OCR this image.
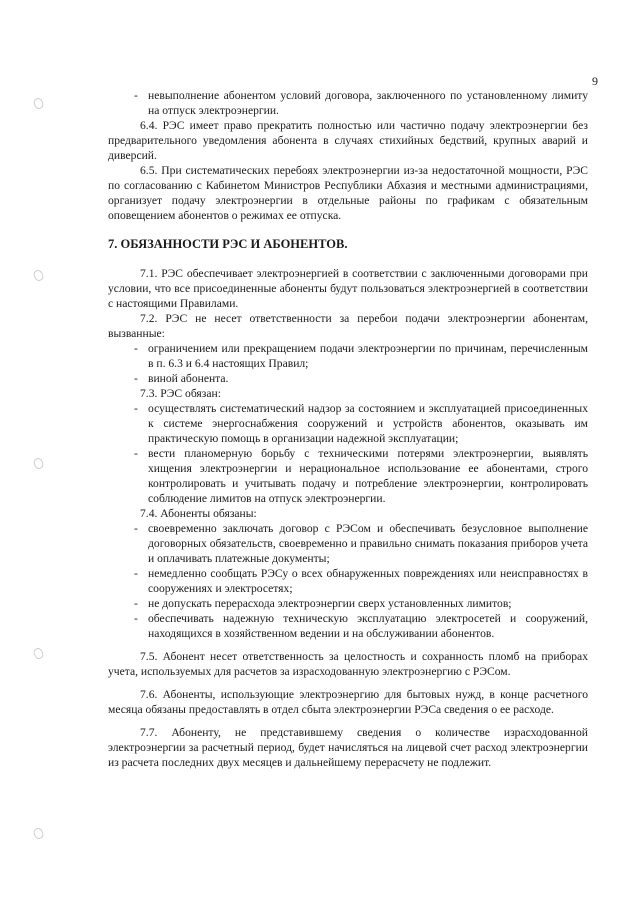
9

- невыполнение абонентом условий договора, заключенного по установленному лимиту на отпуск электроэнергии.

6.4. РЭС имеет право прекратить полностью или частично подачу электроэнергии без предварительного уведомления абонента в случаях стихийных бедствий, крупных аварий и диверсий.

6.5. При систематических перебоях электроэнергии из-за недостаточной мощности, РЭС по согласованию с Кабинетом Министров Республики Абхазия и местными администрациями, организует подачу электроэнергии в отдельные районы по графикам с обязательным оповещением абонентов о режимах ее отпуска.

7. ОБЯЗАННОСТИ РЭС И АБОНЕНТОВ.

7.1. РЭС обеспечивает электроэнергией в соответствии с заключенными договорами при условии, что все присоединенные абоненты будут пользоваться электроэнергией в соответствии с настоящими Правилами.

7.2. РЭС не несет ответственности за перебои подачи электроэнергии абонентам, вызванные:

- ограничением или прекращением подачи электроэнергии по причинам, перечисленным в п. 6.3 и 6.4 настоящих Правил;

- виной абонента.

7.3. РЭС обязан:

- осуществлять систематический надзор за состоянием и эксплуатацией присоединенных к системе энергоснабжения сооружений и устройств абонентов, оказывать им практическую помощь в организации надежной эксплуатации;

- вести планомерную борьбу с техническими потерями электроэнергии, выявлять хищения электроэнергии и нерациональное использование ее абонентами, строго контролировать и учитывать подачу и потребление электроэнергии, контролировать соблюдение лимитов на отпуск электроэнергии.

7.4. Абоненты обязаны:

- своевременно заключать договор с РЭСом и обеспечивать безусловное выполнение договорных обязательств, своевременно и правильно снимать показания приборов учета и оплачивать платежные документы;

- немедленно сообщать РЭСу о всех обнаруженных повреждениях или неисправностях в сооружениях и электросетях;

- не допускать перерасхода электроэнергии сверх установленных лимитов;

- обеспечивать надежную техническую эксплуатацию электросетей и сооружений, находящихся в хозяйственном ведении и на обслуживании абонентов.

7.5. Абонент несет ответственность за целостность и сохранность пломб на приборах учета, используемых для расчетов за израсходованную электроэнергию с РЭСом.

7.6. Абоненты, использующие электроэнергию для бытовых нужд, в конце расчетного месяца обязаны предоставлять в отдел сбыта электроэнергии РЭСа сведения о ее расходе.

7.7. Абоненту, не представившему сведения о количестве израсходованной электроэнергии за расчетный период, будет начисляться на лицевой счет расход электроэнергии из расчета последних двух месяцев и дальнейшему перерасчету не подлежит.
